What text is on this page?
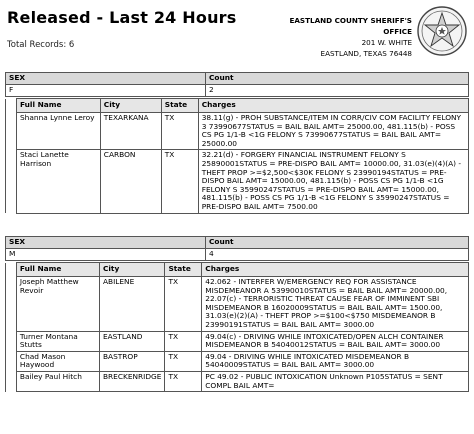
Released - Last 24 Hours
Total Records: 6
EASTLAND COUNTY SHERIFF'S
OFFICE
201 W. WHITE
EASTLAND, TEXAS 76448
SEX	Count
F	2
	Full Name	City	State	Charges
	Shanna Lynne Leroy	TEXARKANA	TX	38.11(g) - PROH SUBSTANCE/ITEM IN CORR/CIV COM FACILITY FELONY 3 73990677STATUS = BAIL BAIL AMT= 25000.00, 481.115(b) - POSS CS PG 1/1-B <1G FELONY S 73990677STATUS = BAIL BAIL AMT= 25000.00
	Staci Lanette Harrison	CARBON	TX	32.21(d) - FORGERY FINANCIAL INSTRUMENT FELONY S 25890001STATUS = PRE-DISPO BAIL AMT= 10000.00, 31.03(e)(4)(A) - THEFT PROP >=$2,500<$30K FELONY S 23990194STATUS = PRE-DISPO BAIL AMT= 15000.00, 481.115(b) - POSS CS PG 1/1-B <1G FELONY S 35990247STATUS = PRE-DISPO BAIL AMT= 15000.00, 481.115(b) - POSS CS PG 1/1-B <1G FELONY S 35990247STATUS = PRE-DISPO BAIL AMT= 7500.00
SEX	Count
M	4
	Full Name	City	State	Charges
	Joseph Matthew Revoir	ABILENE	TX	42.062 - INTERFER W/EMERGENCY REQ FOR ASSISTANCE MISDEMEANOR A 53990010STATUS = BAIL BAIL AMT= 20000.00, 22.07(c) - TERRORISTIC THREAT CAUSE FEAR OF IMMINENT SBI MISDEMEANOR B 16020009STATUS = BAIL BAIL AMT= 1500.00, 31.03(e)(2)(A) - THEFT PROP >=$100<$750 MISDEMEANOR B 23990191STATUS = BAIL BAIL AMT= 3000.00
	Turner Montana Stutts	EASTLAND	TX	49.04(c) - DRIVING WHILE INTOXICATED/OPEN ALCH CONTAINER MISDEMEANOR B 54040012STATUS = BAIL BAIL AMT= 3000.00
	Chad Mason Haywood	BASTROP	TX	49.04 - DRIVING WHILE INTOXICATED MISDEMEANOR B 54040009STATUS = BAIL BAIL AMT= 3000.00
	Bailey Paul Hitch	BRECKENRIDGE	TX	PC 49.02 - PUBLIC INTOXICATION Unknown P105STATUS = SENT COMPL BAIL AMT=
